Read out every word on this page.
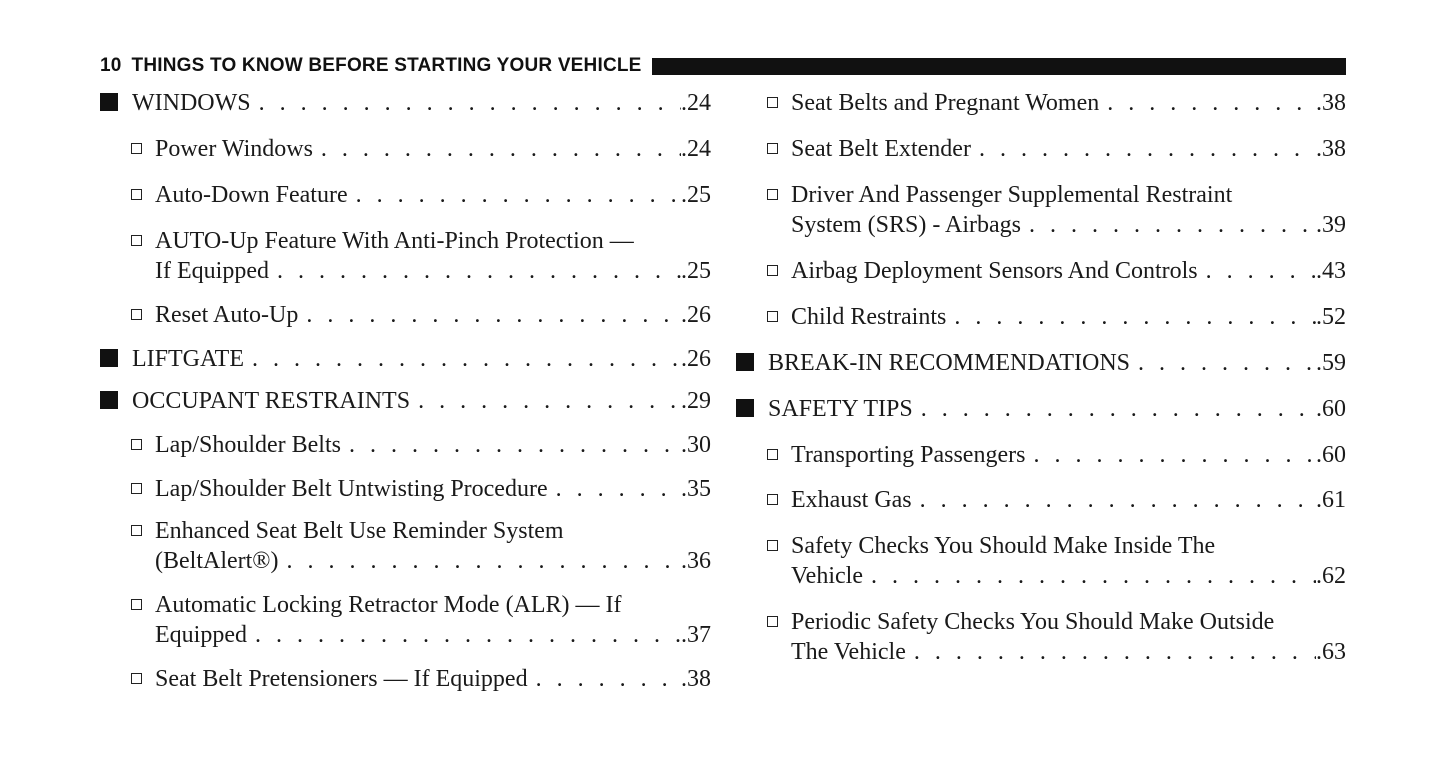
10 THINGS TO KNOW BEFORE STARTING YOUR VEHICLE
WINDOWS . . .	.24
Power Windows . . .	.24
Auto-Down Feature . . .	.25
AUTO-Up Feature With Anti-Pinch Protection —
If Equipped . . .	.25
Reset Auto-Up . . .	.26
LIFTGATE . . .	.26
OCCUPANT RESTRAINTS . . .	.29
Lap/Shoulder Belts . . .	.30
Lap/Shoulder Belt Untwisting Procedure . . .	.35
Enhanced Seat Belt Use Reminder System
(BeltAlert®) . . .	.36
Automatic Locking Retractor Mode (ALR) — If
Equipped . . .	.37
Seat Belt Pretensioners — If Equipped . . .	.38
Seat Belts and Pregnant Women . . .	.38
Seat Belt Extender . . .	.38
Driver And Passenger Supplemental Restraint
System (SRS) - Airbags . . .	.39
Airbag Deployment Sensors And Controls . . .	.43
Child Restraints . . .	.52
BREAK-IN RECOMMENDATIONS . . .	.59
SAFETY TIPS . . .	.60
Transporting Passengers . . .	.60
Exhaust Gas . . .	.61
Safety Checks You Should Make Inside The
Vehicle . . .	.62
Periodic Safety Checks You Should Make Outside
The Vehicle . . .	.63
